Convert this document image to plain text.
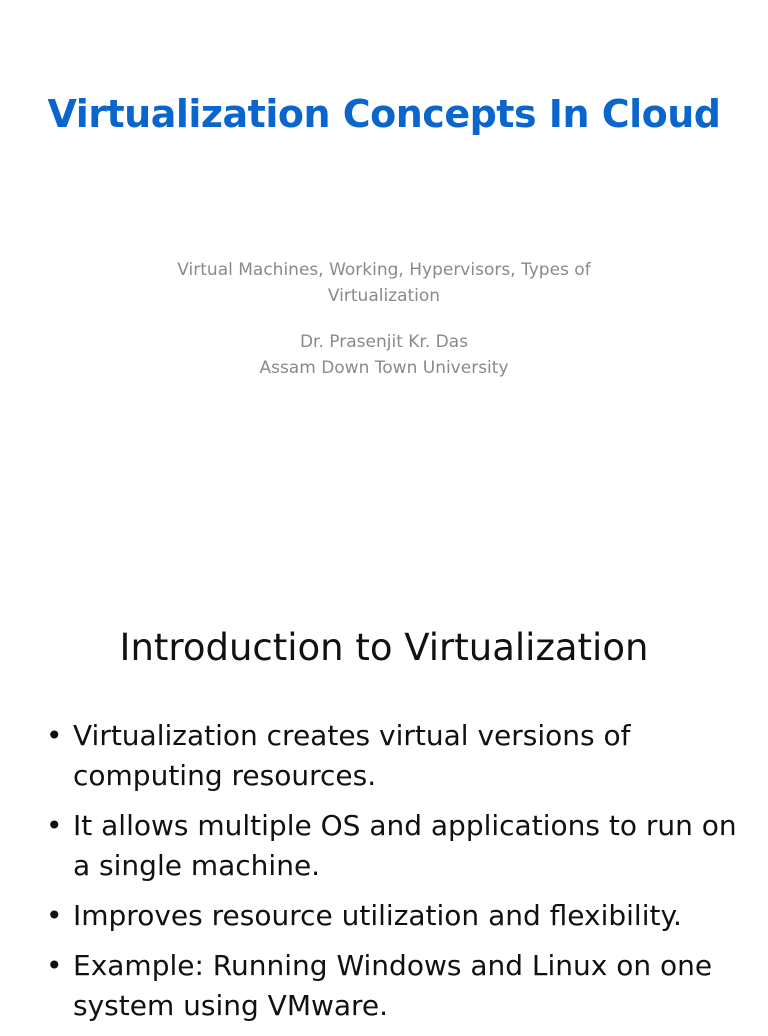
Virtualization Concepts In Cloud
Virtual Machines, Working, Hypervisors, Types of
Virtualization
Dr. Prasenjit Kr. Das
Assam Down Town University
Introduction to Virtualization
• Virtualization creates virtual versions of computing resources.
• It allows multiple OS and applications to run on a single machine.
• Improves resource utilization and flexibility.
• Example: Running Windows and Linux on one system using VMware.
